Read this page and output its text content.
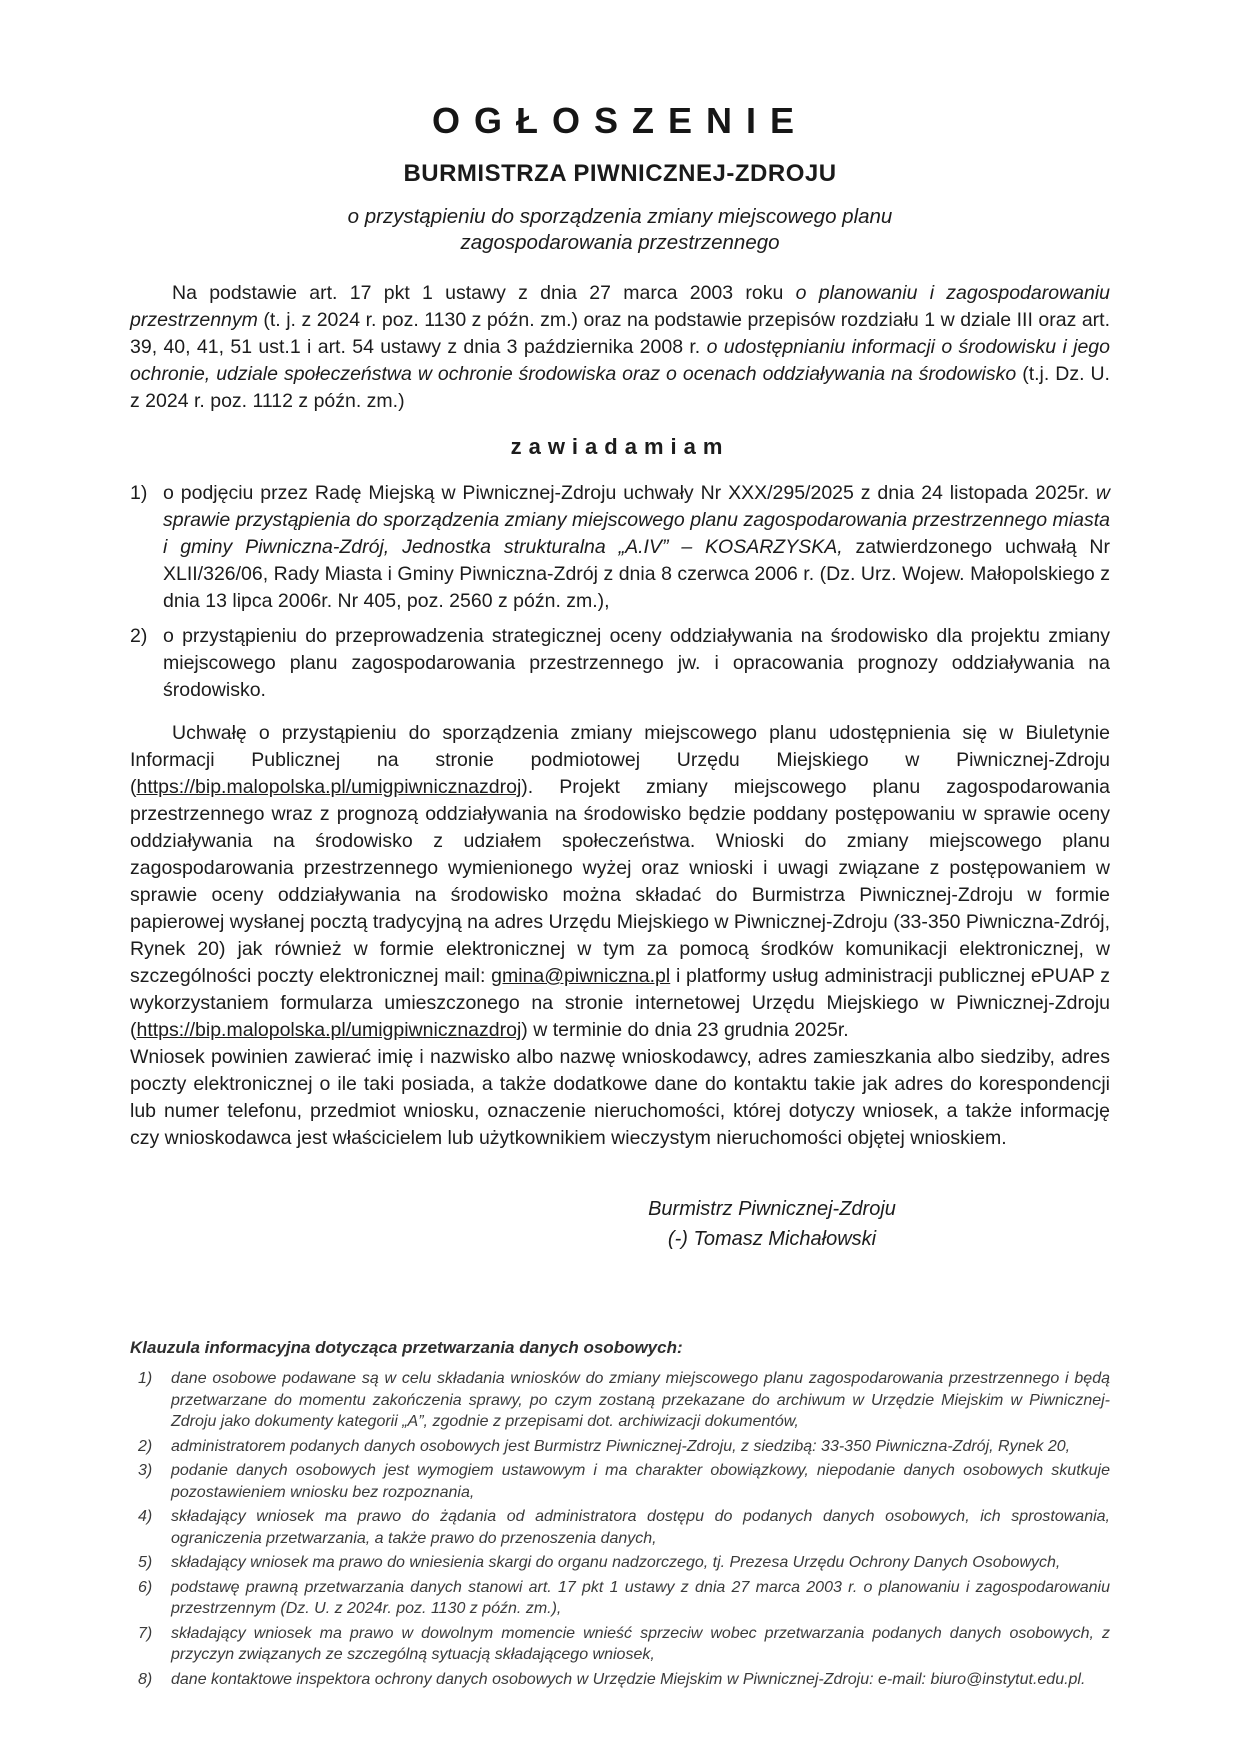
OGŁOSZENIE
BURMISTRZA PIWNICZNEJ-ZDROJU
o przystąpieniu do sporządzenia zmiany miejscowego planu
zagospodarowania przestrzennego

Na podstawie art. 17 pkt 1 ustawy z dnia 27 marca 2003 roku o planowaniu i zagospodarowaniu przestrzennym (t. j. z 2024 r. poz. 1130 z późn. zm.) oraz na podstawie przepisów rozdziału 1 w dziale III oraz art. 39, 40, 41, 51 ust.1 i art. 54 ustawy z dnia 3 października 2008 r. o udostępnianiu informacji o środowisku i jego ochronie, udziale społeczeństwa w ochronie środowiska oraz o ocenach oddziaływania na środowisko (t.j. Dz. U. z 2024 r. poz. 1112 z późn. zm.)

zawiadamiam
1) o podjęciu przez Radę Miejską w Piwnicznej-Zdroju uchwały Nr XXX/295/2025 z dnia 24 listopada 2025r. w sprawie przystąpienia do sporządzenia zmiany miejscowego planu zagospodarowania przestrzennego miasta i gminy Piwniczna-Zdrój, Jednostka strukturalna „A.IV” – KOSARZYSKA, zatwierdzonego uchwałą Nr XLII/326/06, Rady Miasta i Gminy Piwniczna-Zdrój z dnia 8 czerwca 2006 r. (Dz. Urz. Wojew. Małopolskiego z dnia 13 lipca 2006r. Nr 405, poz. 2560 z późn. zm.),
2) o przystąpieniu do przeprowadzenia strategicznej oceny oddziaływania na środowisko dla projektu zmiany miejscowego planu zagospodarowania przestrzennego jw. i opracowania prognozy oddziaływania na środowisko.

Uchwałę o przystąpieniu do sporządzenia zmiany miejscowego planu udostępnienia się w Biuletynie Informacji Publicznej na stronie podmiotowej Urzędu Miejskiego w Piwnicznej-Zdroju (https://bip.malopolska.pl/umigpiwnicznazdroj). Projekt zmiany miejscowego planu zagospodarowania przestrzennego wraz z prognozą oddziaływania na środowisko będzie poddany postępowaniu w sprawie oceny oddziaływania na środowisko z udziałem społeczeństwa. Wnioski do zmiany miejscowego planu zagospodarowania przestrzennego wymienionego wyżej oraz wnioski i uwagi związane z postępowaniem w sprawie oceny oddziaływania na środowisko można składać do Burmistrza Piwnicznej-Zdroju w formie papierowej wysłanej pocztą tradycyjną na adres Urzędu Miejskiego w Piwnicznej-Zdroju (33-350 Piwniczna-Zdrój, Rynek 20) jak również w formie elektronicznej w tym za pomocą środków komunikacji elektronicznej, w szczególności poczty elektronicznej mail: gmina@piwniczna.pl i platformy usług administracji publicznej ePUAP z wykorzystaniem formularza umieszczonego na stronie internetowej Urzędu Miejskiego w Piwnicznej-Zdroju (https://bip.malopolska.pl/umigpiwnicznazdroj) w terminie do dnia 23 grudnia 2025r.

Wniosek powinien zawierać imię i nazwisko albo nazwę wnioskodawcy, adres zamieszkania albo siedziby, adres poczty elektronicznej o ile taki posiada, a także dodatkowe dane do kontaktu takie jak adres do korespondencji lub numer telefonu, przedmiot wniosku, oznaczenie nieruchomości, której dotyczy wniosek, a także informację czy wnioskodawca jest właścicielem lub użytkownikiem wieczystym nieruchomości objętej wnioskiem.

Burmistrz Piwnicznej-Zdroju
(-) Tomasz Michałowski
Klauzula informacyjna dotycząca przetwarzania danych osobowych:
1) dane osobowe podawane są w celu składania wniosków do zmiany miejscowego planu zagospodarowania przestrzennego i będą przetwarzane do momentu zakończenia sprawy, po czym zostaną przekazane do archiwum w Urzędzie Miejskim w Piwnicznej-Zdroju jako dokumenty kategorii „A”, zgodnie z przepisami dot. archiwizacji dokumentów,
2) administratorem podanych danych osobowych jest Burmistrz Piwnicznej-Zdroju, z siedzibą: 33-350 Piwniczna-Zdrój, Rynek 20,
3) podanie danych osobowych jest wymogiem ustawowym i ma charakter obowiązkowy, niepodanie danych osobowych skutkuje pozostawieniem wniosku bez rozpoznania,
4) składający wniosek ma prawo do żądania od administratora dostępu do podanych danych osobowych, ich sprostowania, ograniczenia przetwarzania, a także prawo do przenoszenia danych,
5) składający wniosek ma prawo do wniesienia skargi do organu nadzorczego, tj. Prezesa Urzędu Ochrony Danych Osobowych,
6) podstawę prawną przetwarzania danych stanowi art. 17 pkt 1 ustawy z dnia 27 marca 2003 r. o planowaniu i zagospodarowaniu przestrzennym (Dz. U. z 2024r. poz. 1130 z późn. zm.),
7) składający wniosek ma prawo w dowolnym momencie wnieść sprzeciw wobec przetwarzania podanych danych osobowych, z przyczyn związanych ze szczególną sytuacją składającego wniosek,
8) dane kontaktowe inspektora ochrony danych osobowych w Urzędzie Miejskim w Piwnicznej-Zdroju: e-mail: biuro@instytut.edu.pl.
